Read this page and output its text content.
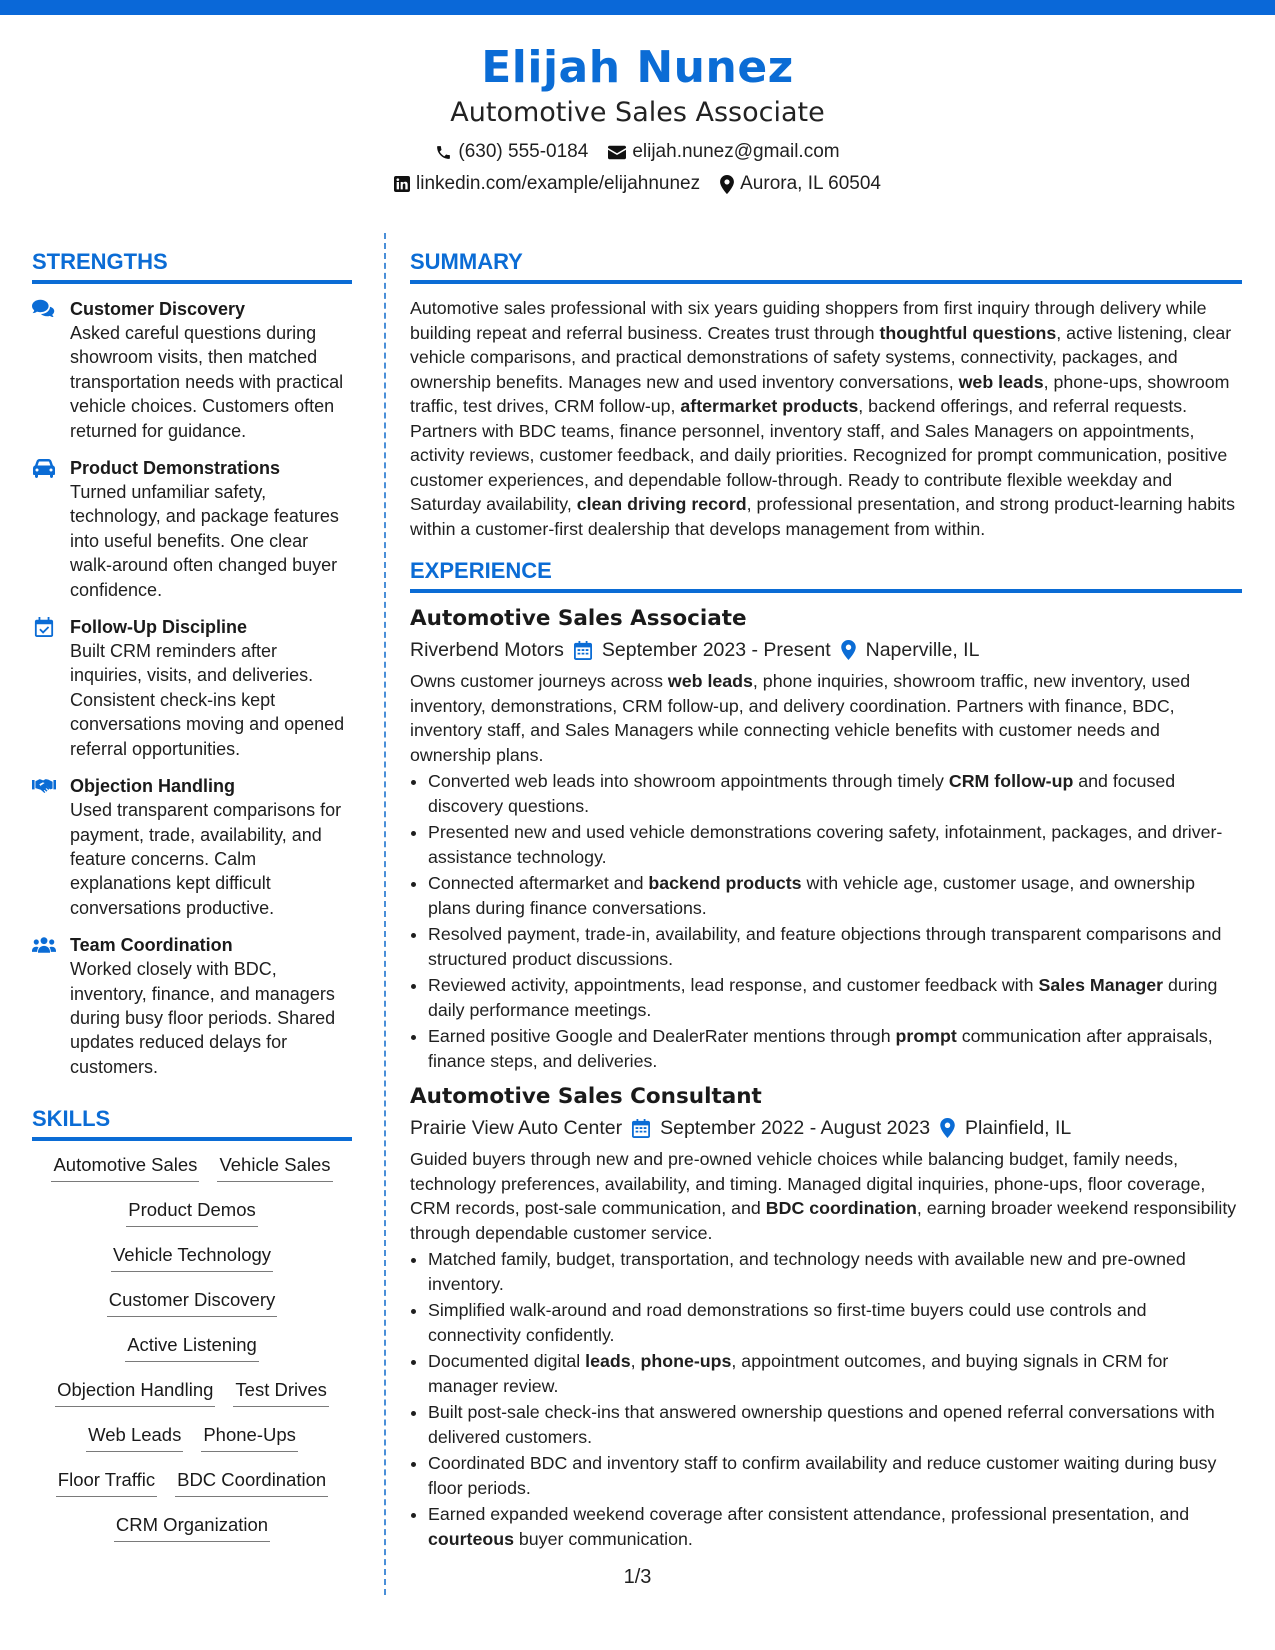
Elijah Nunez
Automotive Sales Associate
(630) 555-0184 elijah.nunez@gmail.com
linkedin.com/example/elijahnunez Aurora, IL 60504
STRENGTHS
Customer Discovery
Asked careful questions during showroom visits, then matched transportation needs with practical vehicle choices. Customers often returned for guidance.
Product Demonstrations
Turned unfamiliar safety, technology, and package features into useful benefits. One clear walk-around often changed buyer confidence.
Follow-Up Discipline
Built CRM reminders after inquiries, visits, and deliveries. Consistent check-ins kept conversations moving and opened referral opportunities.
Objection Handling
Used transparent comparisons for payment, trade, availability, and feature concerns. Calm explanations kept difficult conversations productive.
Team Coordination
Worked closely with BDC, inventory, finance, and managers during busy floor periods. Shared updates reduced delays for customers.
SKILLS
Automotive Sales Vehicle Sales
Product Demos
Vehicle Technology
Customer Discovery
Active Listening
Objection Handling Test Drives
Web Leads Phone-Ups
Floor Traffic BDC Coordination
CRM Organization
SUMMARY
Automotive sales professional with six years guiding shoppers from first inquiry through delivery while building repeat and referral business. Creates trust through thoughtful questions, active listening, clear vehicle comparisons, and practical demonstrations of safety systems, connectivity, packages, and ownership benefits. Manages new and used inventory conversations, web leads, phone-ups, showroom traffic, test drives, CRM follow-up, aftermarket products, backend offerings, and referral requests. Partners with BDC teams, finance personnel, inventory staff, and Sales Managers on appointments, activity reviews, customer feedback, and daily priorities. Recognized for prompt communication, positive customer experiences, and dependable follow-through. Ready to contribute flexible weekday and Saturday availability, clean driving record, professional presentation, and strong product-learning habits within a customer-first dealership that develops management from within.
EXPERIENCE
Automotive Sales Associate
Riverbend Motors September 2023 - Present Naperville, IL
Owns customer journeys across web leads, phone inquiries, showroom traffic, new inventory, used inventory, demonstrations, CRM follow-up, and delivery coordination. Partners with finance, BDC, inventory staff, and Sales Managers while connecting vehicle benefits with customer needs and ownership plans.
• Converted web leads into showroom appointments through timely CRM follow-up and focused discovery questions.
• Presented new and used vehicle demonstrations covering safety, infotainment, packages, and driver-assistance technology.
• Connected aftermarket and backend products with vehicle age, customer usage, and ownership plans during finance conversations.
• Resolved payment, trade-in, availability, and feature objections through transparent comparisons and structured product discussions.
• Reviewed activity, appointments, lead response, and customer feedback with Sales Manager during daily performance meetings.
• Earned positive Google and DealerRater mentions through prompt communication after appraisals, finance steps, and deliveries.
Automotive Sales Consultant
Prairie View Auto Center September 2022 - August 2023 Plainfield, IL
Guided buyers through new and pre-owned vehicle choices while balancing budget, family needs, technology preferences, availability, and timing. Managed digital inquiries, phone-ups, floor coverage, CRM records, post-sale communication, and BDC coordination, earning broader weekend responsibility through dependable customer service.
• Matched family, budget, transportation, and technology needs with available new and pre-owned inventory.
• Simplified walk-around and road demonstrations so first-time buyers could use controls and connectivity confidently.
• Documented digital leads, phone-ups, appointment outcomes, and buying signals in CRM for manager review.
• Built post-sale check-ins that answered ownership questions and opened referral conversations with delivered customers.
• Coordinated BDC and inventory staff to confirm availability and reduce customer waiting during busy floor periods.
• Earned expanded weekend coverage after consistent attendance, professional presentation, and courteous buyer communication.
1/3
